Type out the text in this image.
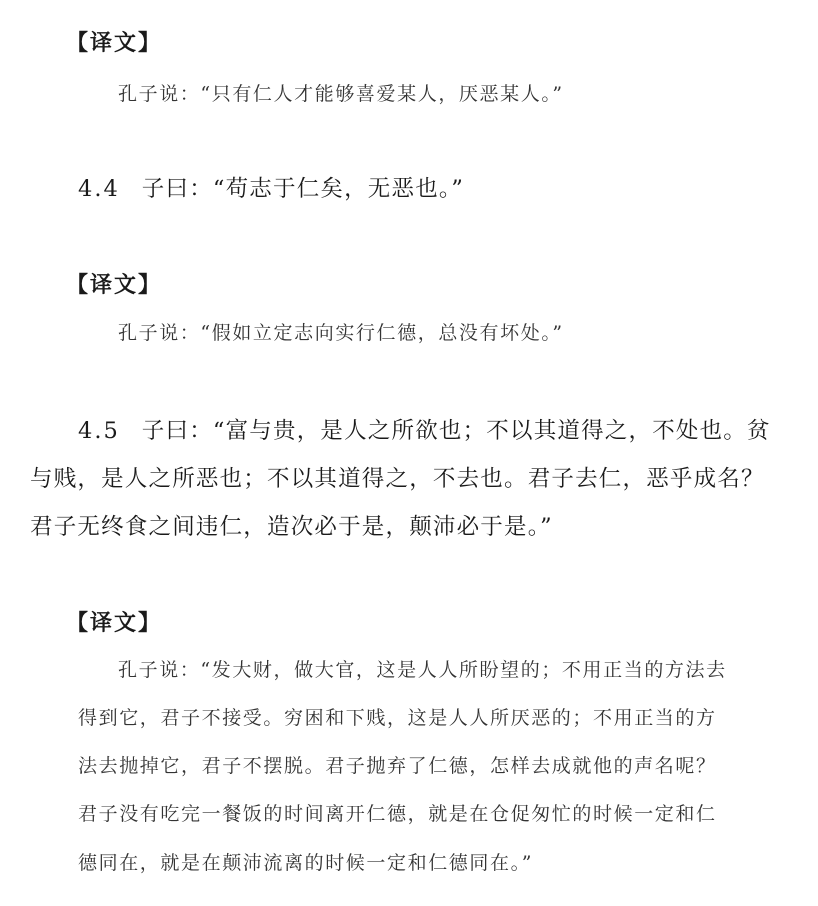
【译文】
孔子说：“只有仁人才能够喜爱某人，厌恶某人。”
4.4 子曰：“苟志于仁矣，无恶也。”
【译文】
孔子说：“假如立定志向实行仁德，总没有坏处。”
4.5 子曰：“富与贵，是人之所欲也；不以其道得之，不处也。贫
与贱，是人之所恶也；不以其道得之，不去也。君子去仁，恶乎成名？
君子无终食之间违仁，造次必于是，颠沛必于是。”
【译文】
孔子说：“发大财，做大官，这是人人所盼望的；不用正当的方法去
得到它，君子不接受。穷困和下贱，这是人人所厌恶的；不用正当的方
法去抛掉它，君子不摆脱。君子抛弃了仁德，怎样去成就他的声名呢？
君子没有吃完一餐饭的时间离开仁德，就是在仓促匆忙的时候一定和仁
德同在，就是在颠沛流离的时候一定和仁德同在。”
